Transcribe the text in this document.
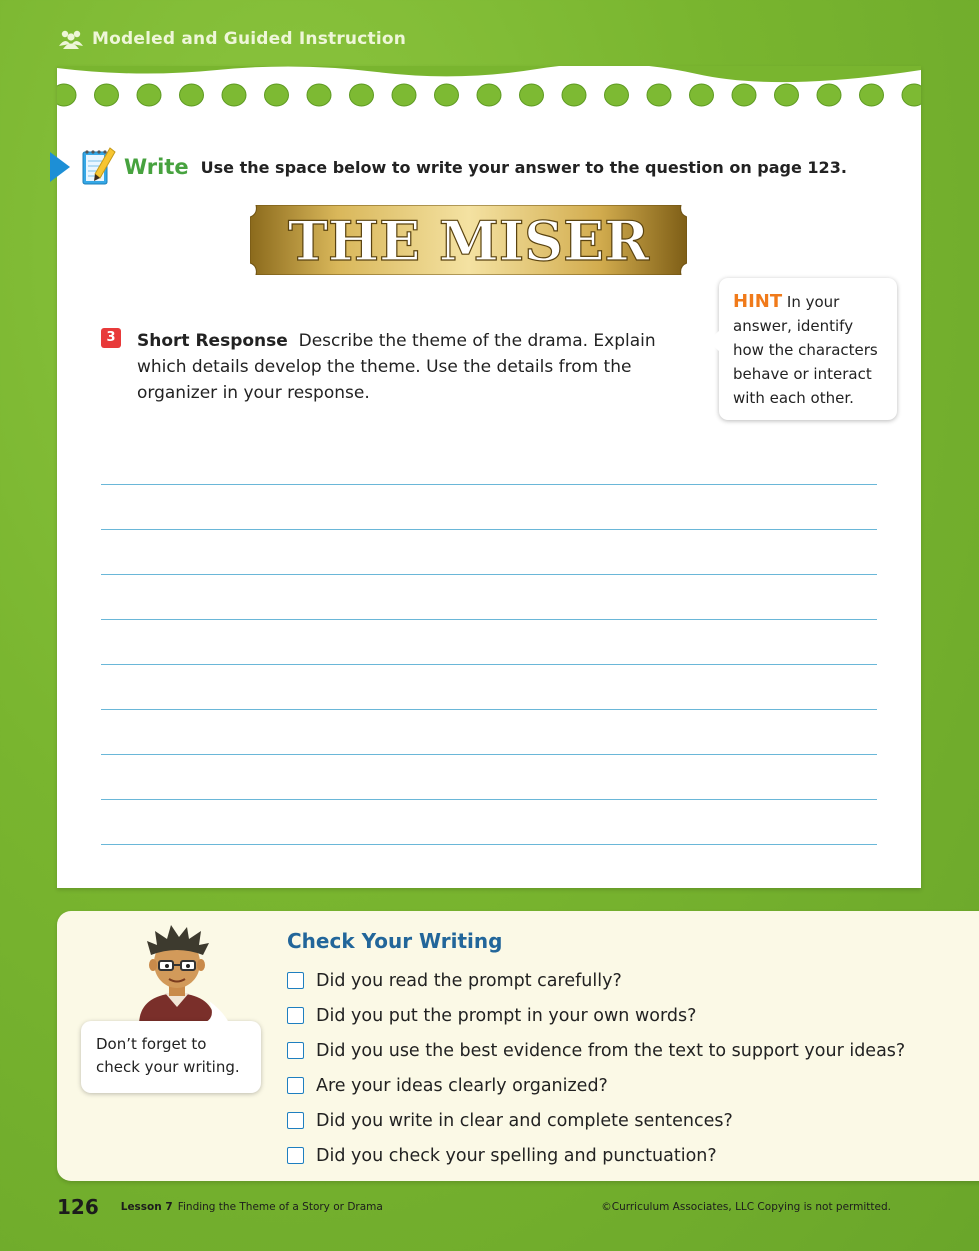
Modeled and Guided Instruction
Write Use the space below to write your answer to the question on page 123.
THE MISER
3	Short Response Describe the theme of the drama. Explain which details develop the theme. Use the details from the organizer in your response.
HINT In your answer, identify how the characters behave or interact with each other.
Don’t forget to check your writing.
Check Your Writing
Did you read the prompt carefully?
Did you put the prompt in your own words?
Did you use the best evidence from the text to support your ideas?
Are your ideas clearly organized?
Did you write in clear and complete sentences?
Did you check your spelling and punctuation?
126 Lesson 7 Finding the Theme of a Story or Drama	©Curriculum Associates, LLC Copying is not permitted.
